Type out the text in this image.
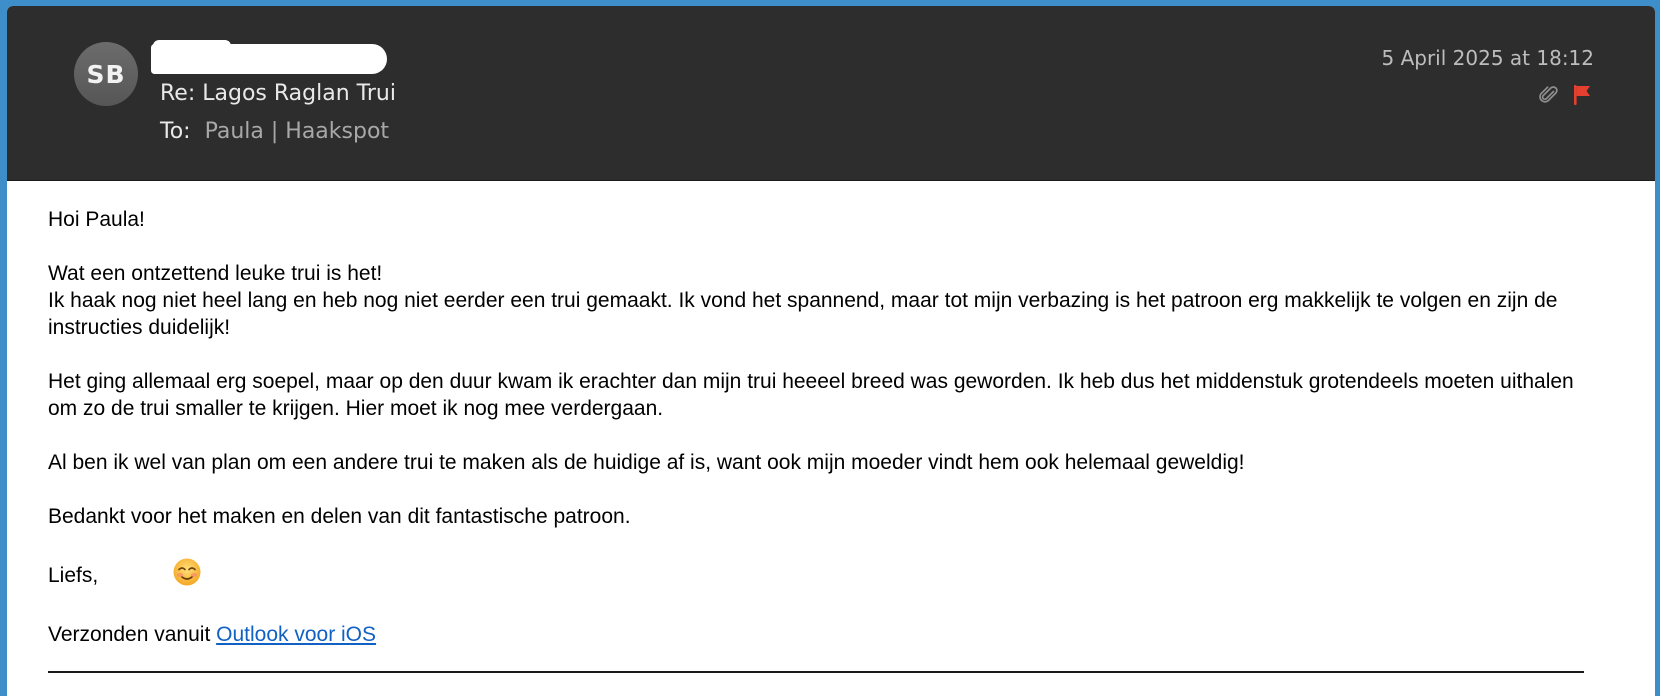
SB
Re: Lagos Raglan Trui
To: Paula | Haakspot
5 April 2025 at 18:12

Hoi Paula!

Wat een ontzettend leuke trui is het!
Ik haak nog niet heel lang en heb nog niet eerder een trui gemaakt. Ik vond het spannend, maar tot mijn verbazing is het patroon erg makkelijk te volgen en zijn de instructies duidelijk!

Het ging allemaal erg soepel, maar op den duur kwam ik erachter dan mijn trui heeeel breed was geworden. Ik heb dus het middenstuk grotendeels moeten uithalen om zo de trui smaller te krijgen. Hier moet ik nog mee verdergaan.

Al ben ik wel van plan om een andere trui te maken als de huidige af is, want ook mijn moeder vindt hem ook helemaal geweldig!

Bedankt voor het maken en delen van dit fantastische patroon.

Liefs,

Verzonden vanuit Outlook voor iOS
